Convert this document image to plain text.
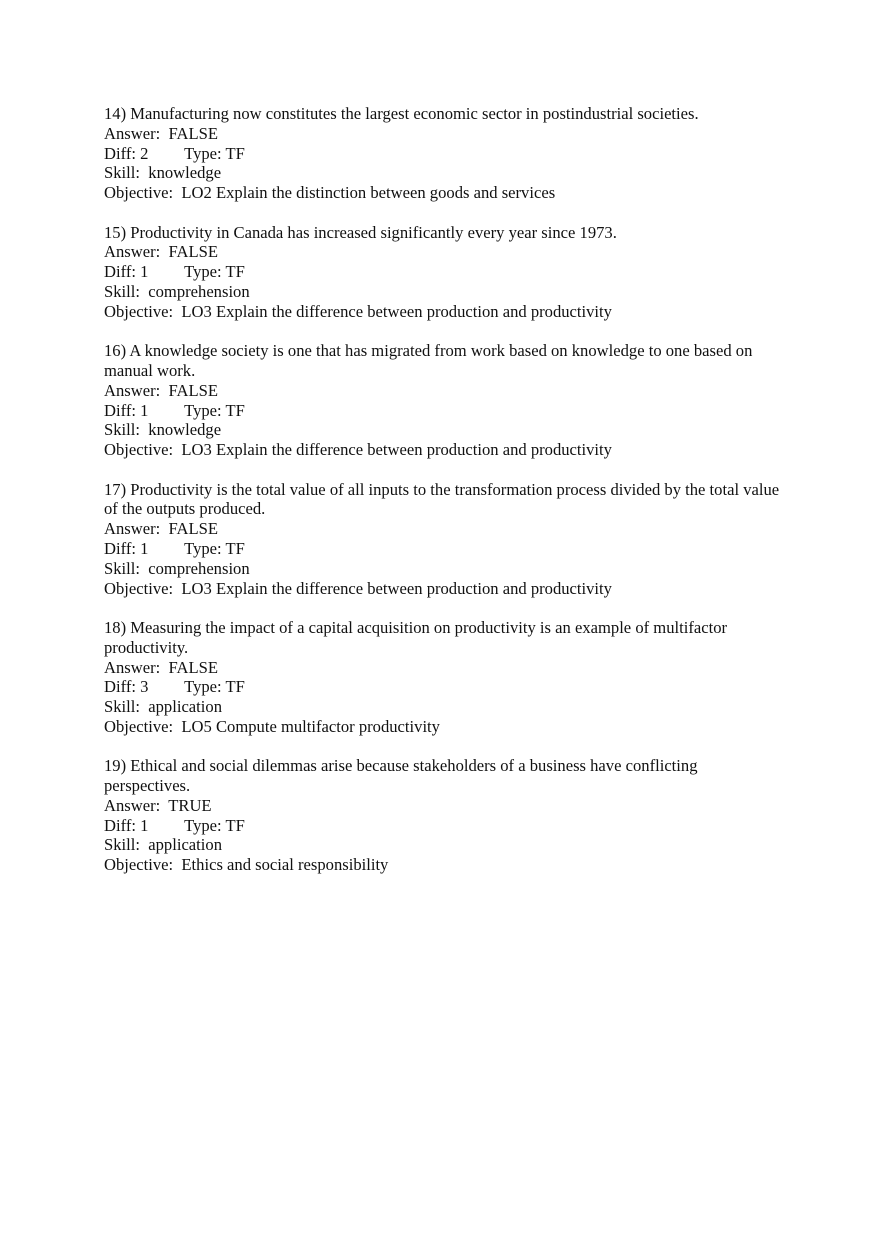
14) Manufacturing now constitutes the largest economic sector in postindustrial societies.
Answer:  FALSE
Diff: 2 Type: TF
Skill:  knowledge
Objective:  LO2 Explain the distinction between goods and services
15) Productivity in Canada has increased significantly every year since 1973.
Answer:  FALSE
Diff: 1 Type: TF
Skill:  comprehension
Objective:  LO3 Explain the difference between production and productivity
16) A knowledge society is one that has migrated from work based on knowledge to one based on manual work.
Answer:  FALSE
Diff: 1 Type: TF
Skill:  knowledge
Objective:  LO3 Explain the difference between production and productivity
17) Productivity is the total value of all inputs to the transformation process divided by the total value of the outputs produced.
Answer:  FALSE
Diff: 1 Type: TF
Skill:  comprehension
Objective:  LO3 Explain the difference between production and productivity
18) Measuring the impact of a capital acquisition on productivity is an example of multifactor productivity.
Answer:  FALSE
Diff: 3 Type: TF
Skill:  application
Objective:  LO5 Compute multifactor productivity
19) Ethical and social dilemmas arise because stakeholders of a business have conflicting perspectives.
Answer:  TRUE
Diff: 1 Type: TF
Skill:  application
Objective:  Ethics and social responsibility
